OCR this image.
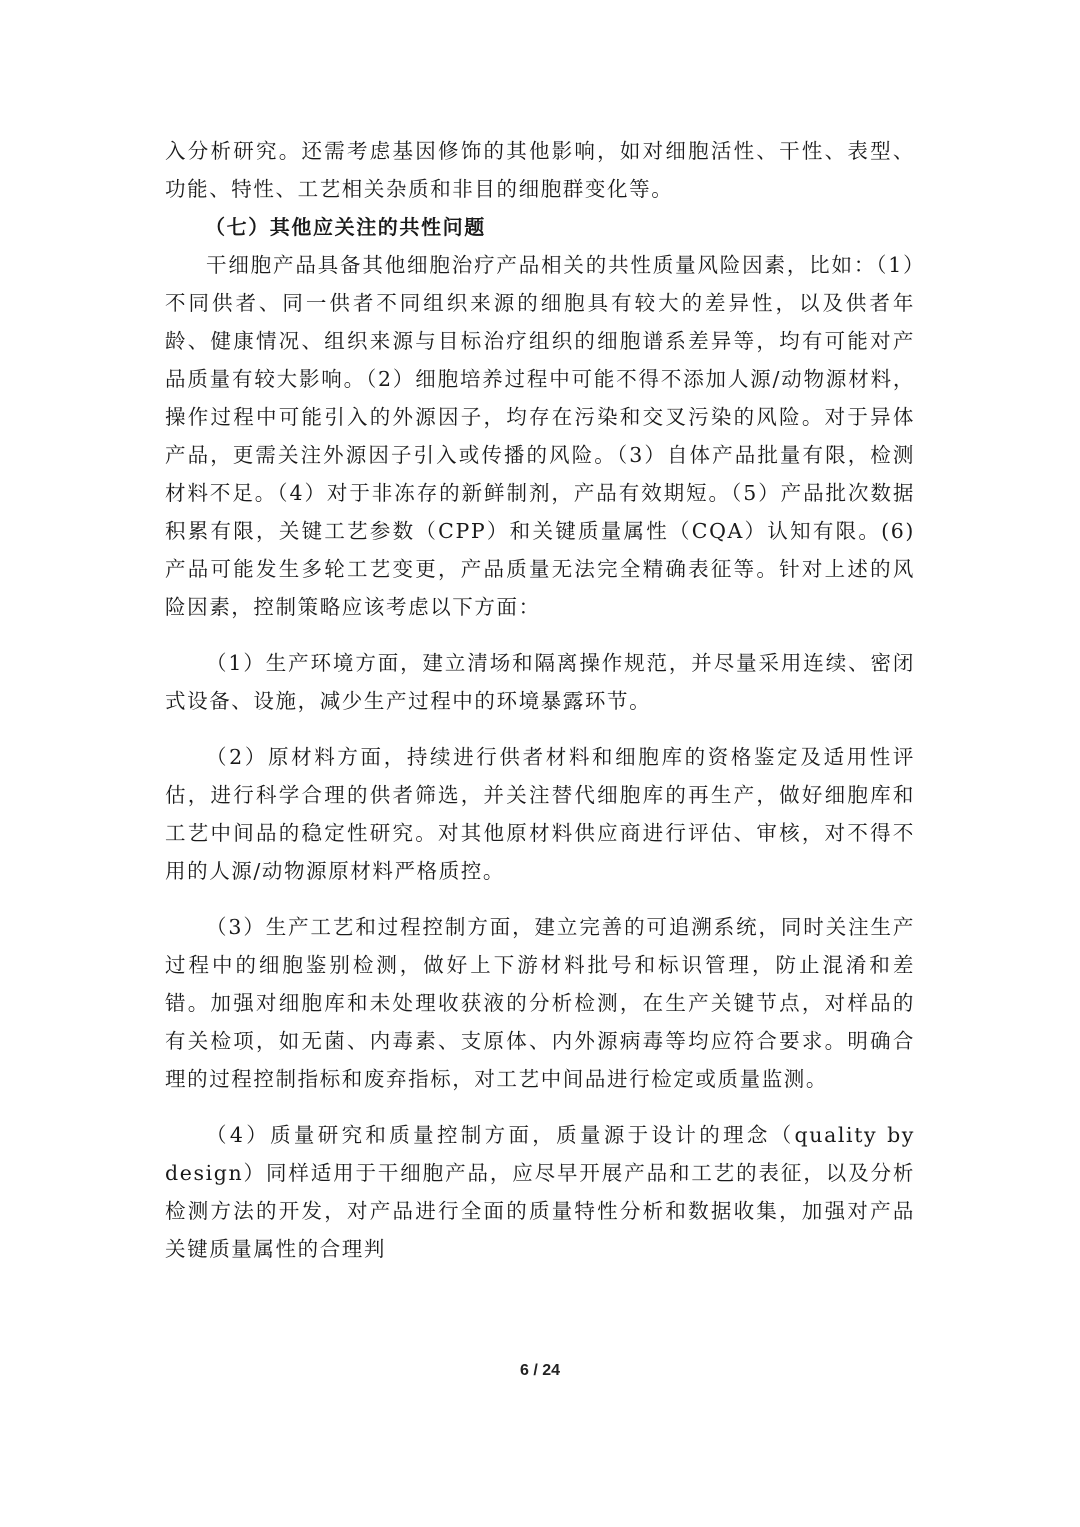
入分析研究。还需考虑基因修饰的其他影响，如对细胞活性、干性、表型、功能、特性、工艺相关杂质和非目的细胞群变化等。

（七）其他应关注的共性问题

干细胞产品具备其他细胞治疗产品相关的共性质量风险因素，比如：（1）不同供者、同一供者不同组织来源的细胞具有较大的差异性，以及供者年龄、健康情况、组织来源与目标治疗组织的细胞谱系差异等，均有可能对产品质量有较大影响。（2）细胞培养过程中可能不得不添加人源/动物源材料，操作过程中可能引入的外源因子，均存在污染和交叉污染的风险。对于异体产品，更需关注外源因子引入或传播的风险。（3）自体产品批量有限，检测材料不足。（4）对于非冻存的新鲜制剂，产品有效期短。（5）产品批次数据积累有限，关键工艺参数（CPP）和关键质量属性（CQA）认知有限。(6)产品可能发生多轮工艺变更，产品质量无法完全精确表征等。针对上述的风险因素，控制策略应该考虑以下方面：

（1）生产环境方面，建立清场和隔离操作规范，并尽量采用连续、密闭式设备、设施，减少生产过程中的环境暴露环节。

（2）原材料方面，持续进行供者材料和细胞库的资格鉴定及适用性评估，进行科学合理的供者筛选，并关注替代细胞库的再生产，做好细胞库和工艺中间品的稳定性研究。对其他原材料供应商进行评估、审核，对不得不用的人源/动物源原材料严格质控。

（3）生产工艺和过程控制方面，建立完善的可追溯系统，同时关注生产过程中的细胞鉴别检测，做好上下游材料批号和标识管理，防止混淆和差错。加强对细胞库和未处理收获液的分析检测，在生产关键节点，对样品的有关检项，如无菌、内毒素、支原体、内外源病毒等均应符合要求。明确合理的过程控制指标和废弃指标，对工艺中间品进行检定或质量监测。

（4）质量研究和质量控制方面，质量源于设计的理念（quality by design）同样适用于干细胞产品，应尽早开展产品和工艺的表征，以及分析检测方法的开发，对产品进行全面的质量特性分析和数据收集，加强对产品关键质量属性的合理判

6 / 24
